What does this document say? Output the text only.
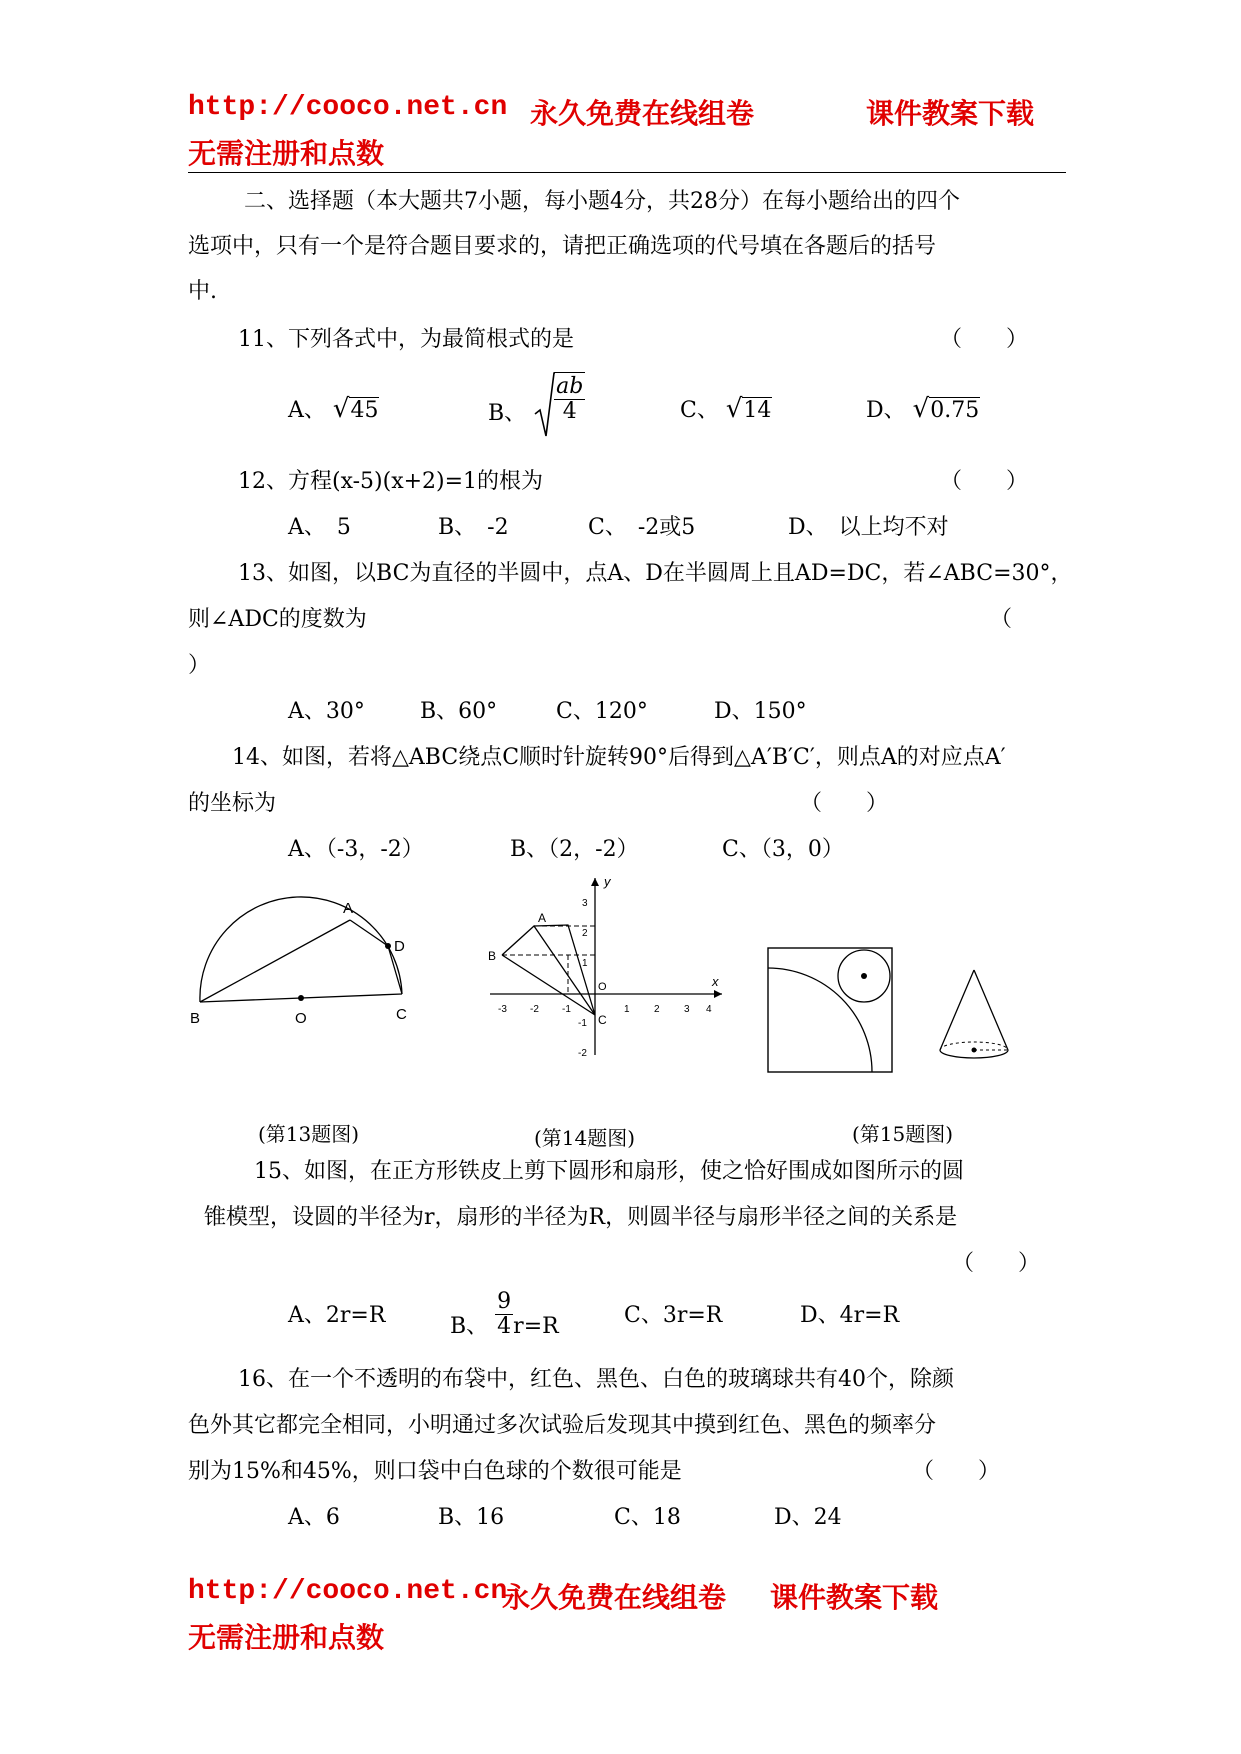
http://cooco.net.cn 永久免费在线组卷	课件教案下载
无需注册和点数
二、选择题（本大题共7小题，每小题4分，共28分）在每小题给出的四个
选项中，只有一个是符合题目要求的，请把正确选项的代号填在各题后的括号
中.
11、下列各式中，为最简根式的是	（　　）
A、 √45	B、 $\frac{ab}{4}$	C、 √14	D、 √0.75
12、方程(x-5)(x+2)=1的根为	（　　）
A、　5	B、　-2	C、　-2或5	D、　以上均不对
13、如图，以BC为直径的半圆中，点A、D在半圆周上且AD=DC，若∠ABC=30°，
则∠ADC的度数为	（
）
A、30°	B、60°	C、120°	D、150°
14、如图，若将△ABC绕点C顺时针旋转90°后得到△A′B′C′，则点A的对应点A′
的坐标为	（　　）
A、（-3，-2）	B、（2，-2）	C、（3，0）
A
D
B	O	C
(第13题图)
y
x
O
-3 -2 -1	1 2 3 4
3
2
1
-1
-2
A
B
C
(第14题图)	(第15题图)
15、如图，在正方形铁皮上剪下圆形和扇形，使之恰好围成如图所示的圆
锥模型，设圆的半径为r，扇形的半径为R，则圆半径与扇形半径之间的关系是
（　　）
A、2r=R	B、 $\frac{9}{4} r=R$	C、3r=R	D、4r=R
16、在一个不透明的布袋中，红色、黑色、白色的玻璃球共有40个，除颜
色外其它都完全相同，小明通过多次试验后发现其中摸到红色、黑色的频率分
别为15%和45%，则口袋中白色球的个数很可能是	（　　）
A、6	B、16	C、18	D、24
http://cooco.net.cn
永久免费在线组卷 课件教案下载
无需注册和点数
